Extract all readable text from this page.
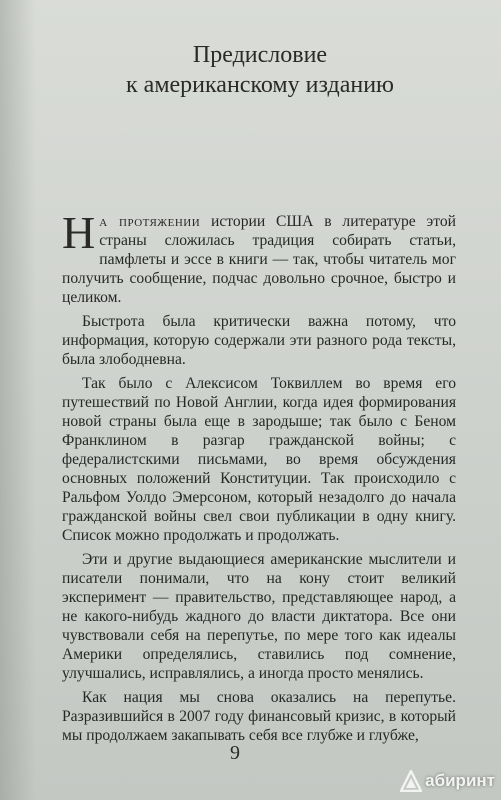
Предисловие
к американскому изданию

На протяжении истории США в литературе этой страны сложилась традиция собирать статьи, памфлеты и эссе в книги — так, чтобы читатель мог получить сообщение, подчас довольно срочное, быстро и целиком.

Быстрота была критически важна потому, что информация, которую содержали эти разного рода тексты, была злободневна.

Так было с Алексисом Токвиллем во время его путешествий по Новой Англии, когда идея формирования новой страны была еще в зародыше; так было с Беном Франклином в разгар гражданской войны; с федералистскими письмами, во время обсуждения основных положений Конституции. Так происходило с Ральфом Уолдо Эмерсоном, который незадолго до начала гражданской войны свел свои публикации в одну книгу. Список можно продолжать и продолжать.

Эти и другие выдающиеся американские мыслители и писатели понимали, что на кону стоит великий эксперимент — правительство, представляющее народ, а не какого-нибудь жадного до власти диктатора. Все они чувствовали себя на перепутье, по мере того как идеалы Америки определялись, ставились под сомнение, улучшались, исправлялись, а иногда просто менялись.

Как нация мы снова оказались на перепутье. Разразившийся в 2007 году финансовый кризис, в который мы продолжаем закапывать себя все глубже и глубже,

9
абиринт
